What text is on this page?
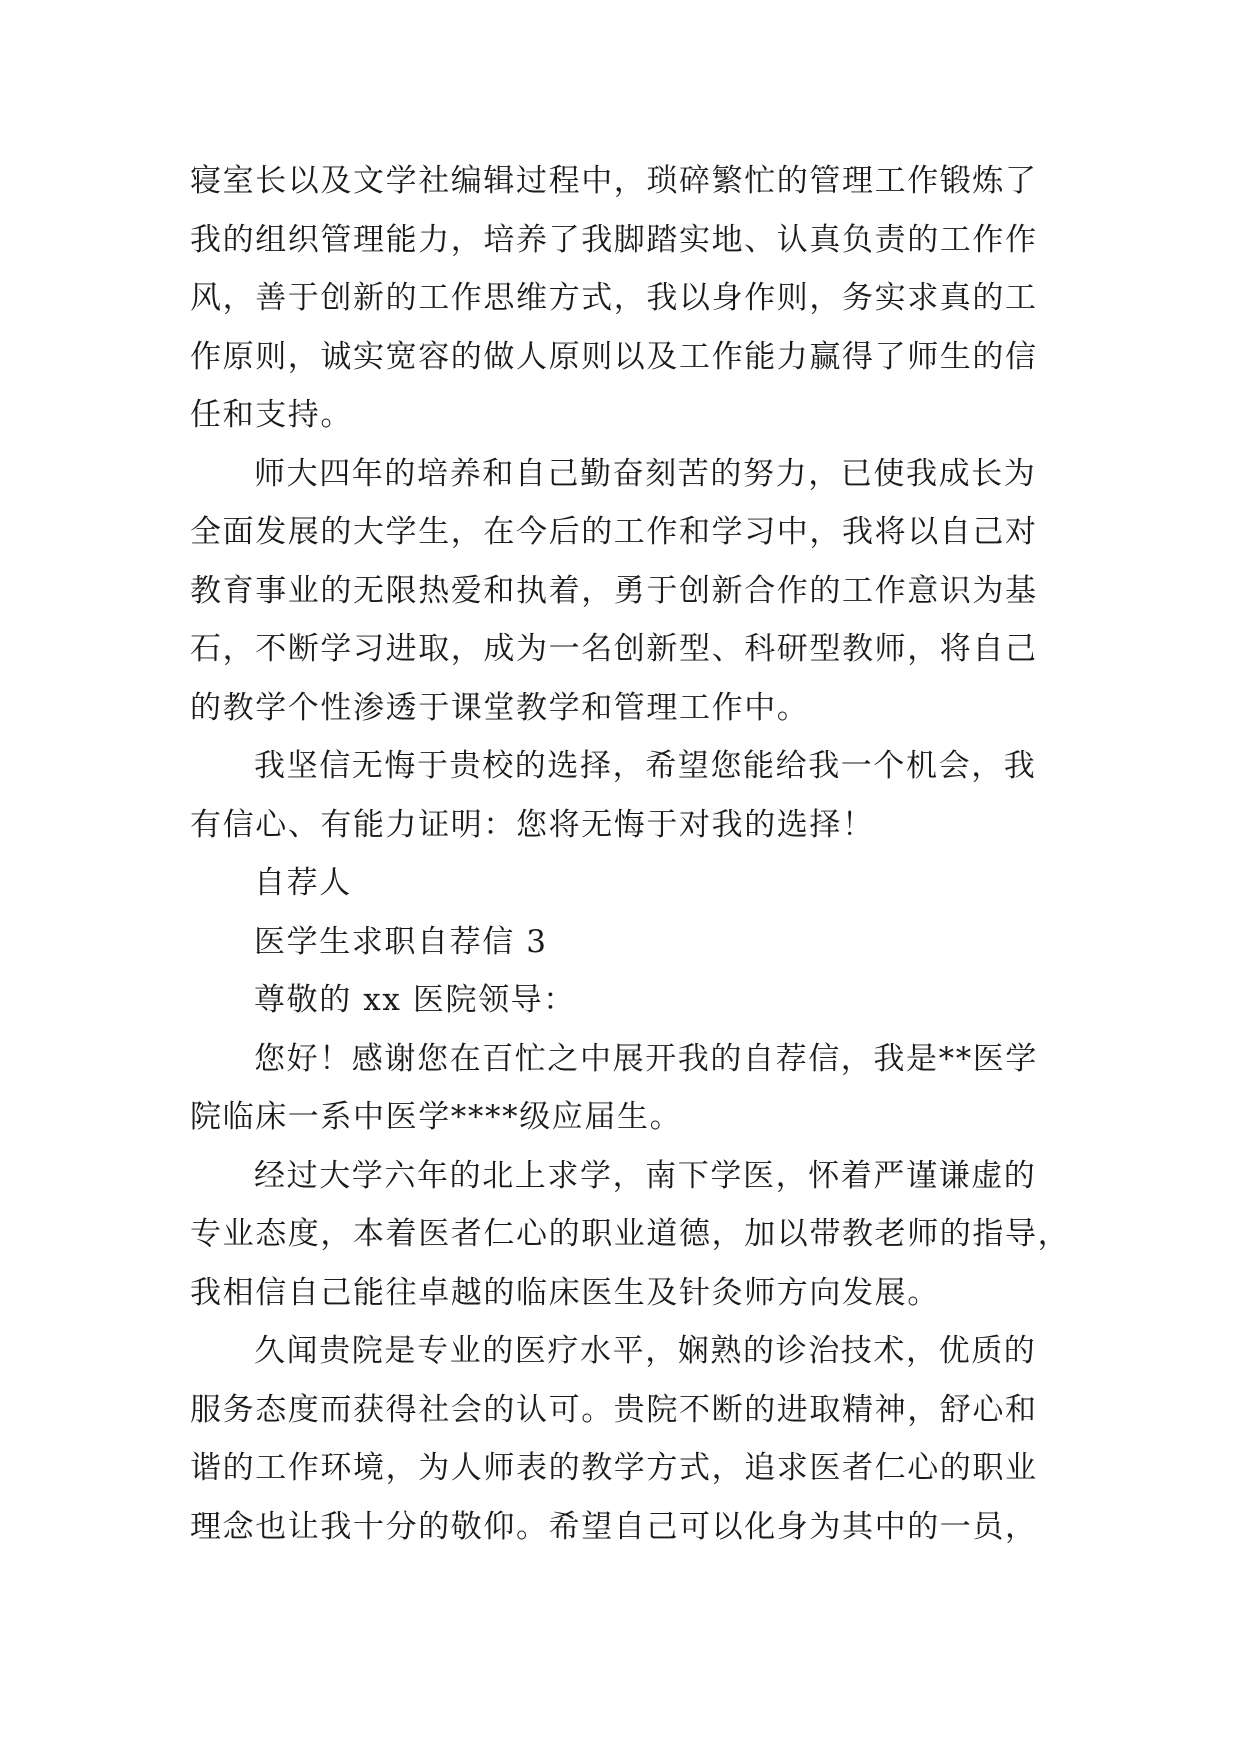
寝室长以及文学社编辑过程中，琐碎繁忙的管理工作锻炼了
我的组织管理能力，培养了我脚踏实地、认真负责的工作作
风，善于创新的工作思维方式，我以身作则，务实求真的工
作原则，诚实宽容的做人原则以及工作能力赢得了师生的信
任和支持。
师大四年的培养和自己勤奋刻苦的努力，已使我成长为
全面发展的大学生，在今后的工作和学习中，我将以自己对
教育事业的无限热爱和执着，勇于创新合作的工作意识为基
石，不断学习进取，成为一名创新型、科研型教师，将自己
的教学个性渗透于课堂教学和管理工作中。
我坚信无悔于贵校的选择，希望您能给我一个机会，我
有信心、有能力证明：您将无悔于对我的选择！
自荐人
医学生求职自荐信 3
尊敬的 xx 医院领导：
您好！感谢您在百忙之中展开我的自荐信，我是**医学
院临床一系中医学****级应届生。
经过大学六年的北上求学，南下学医，怀着严谨谦虚的
专业态度，本着医者仁心的职业道德，加以带教老师的指导，
我相信自己能往卓越的临床医生及针灸师方向发展。
久闻贵院是专业的医疗水平，娴熟的诊治技术，优质的
服务态度而获得社会的认可。贵院不断的进取精神，舒心和
谐的工作环境，为人师表的教学方式，追求医者仁心的职业
理念也让我十分的敬仰。希望自己可以化身为其中的一员，
